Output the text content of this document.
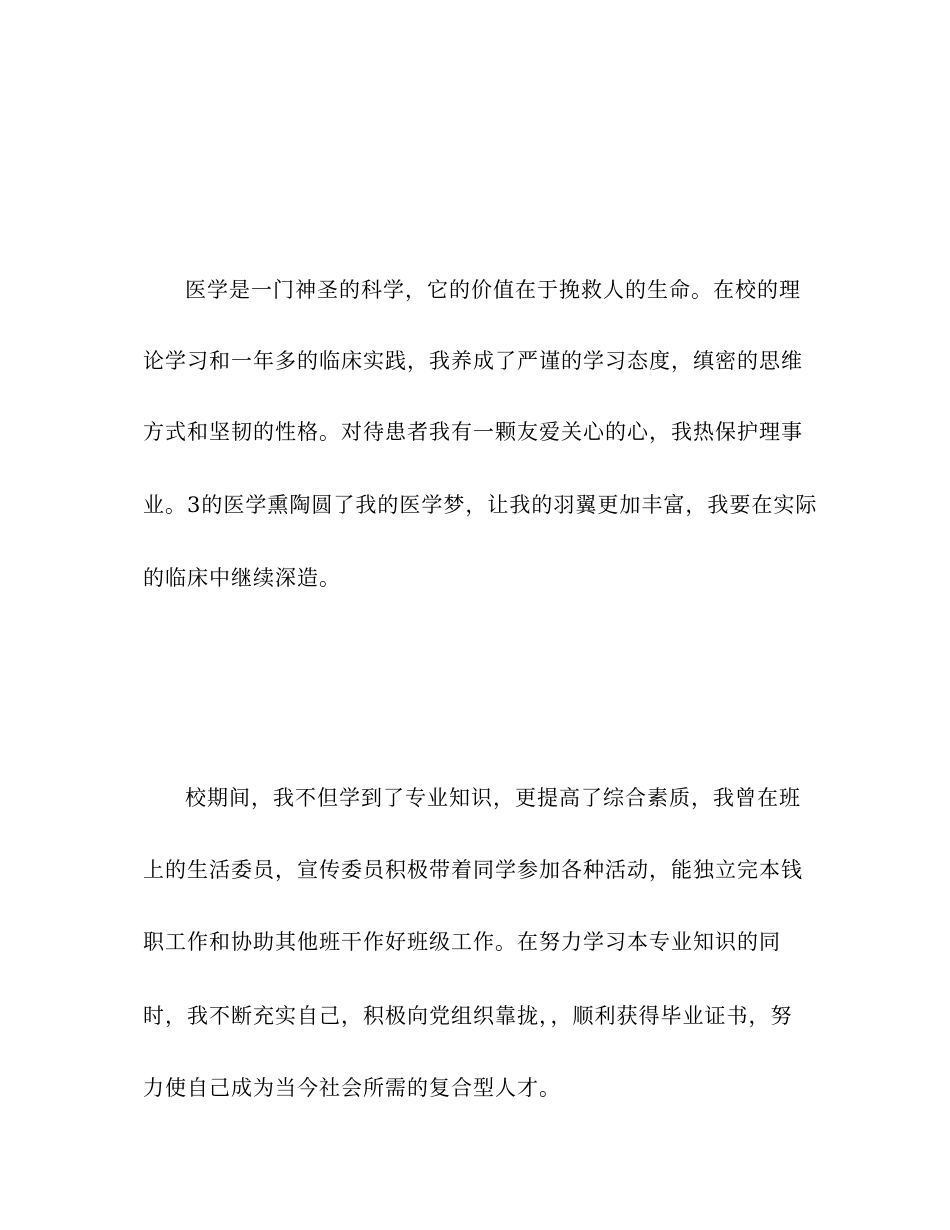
医学是一门神圣的科学，它的价值在于挽救人的生命。在校的理
论学习和一年多的临床实践，我养成了严谨的学习态度，缜密的思维
方式和坚韧的性格。对待患者我有一颗友爱关心的心，我热保护理事
业。3的医学熏陶圆了我的医学梦，让我的羽翼更加丰富，我要在实际
的临床中继续深造。
校期间，我不但学到了专业知识，更提高了综合素质，我曾在班
上的生活委员，宣传委员积极带着同学参加各种活动，能独立完本钱
职工作和协助其他班干作好班级工作。在努力学习本专业知识的同
时，我不断充实自己，积极向党组织靠拢，，顺利获得毕业证书，努
力使自己成为当今社会所需的复合型人才。
